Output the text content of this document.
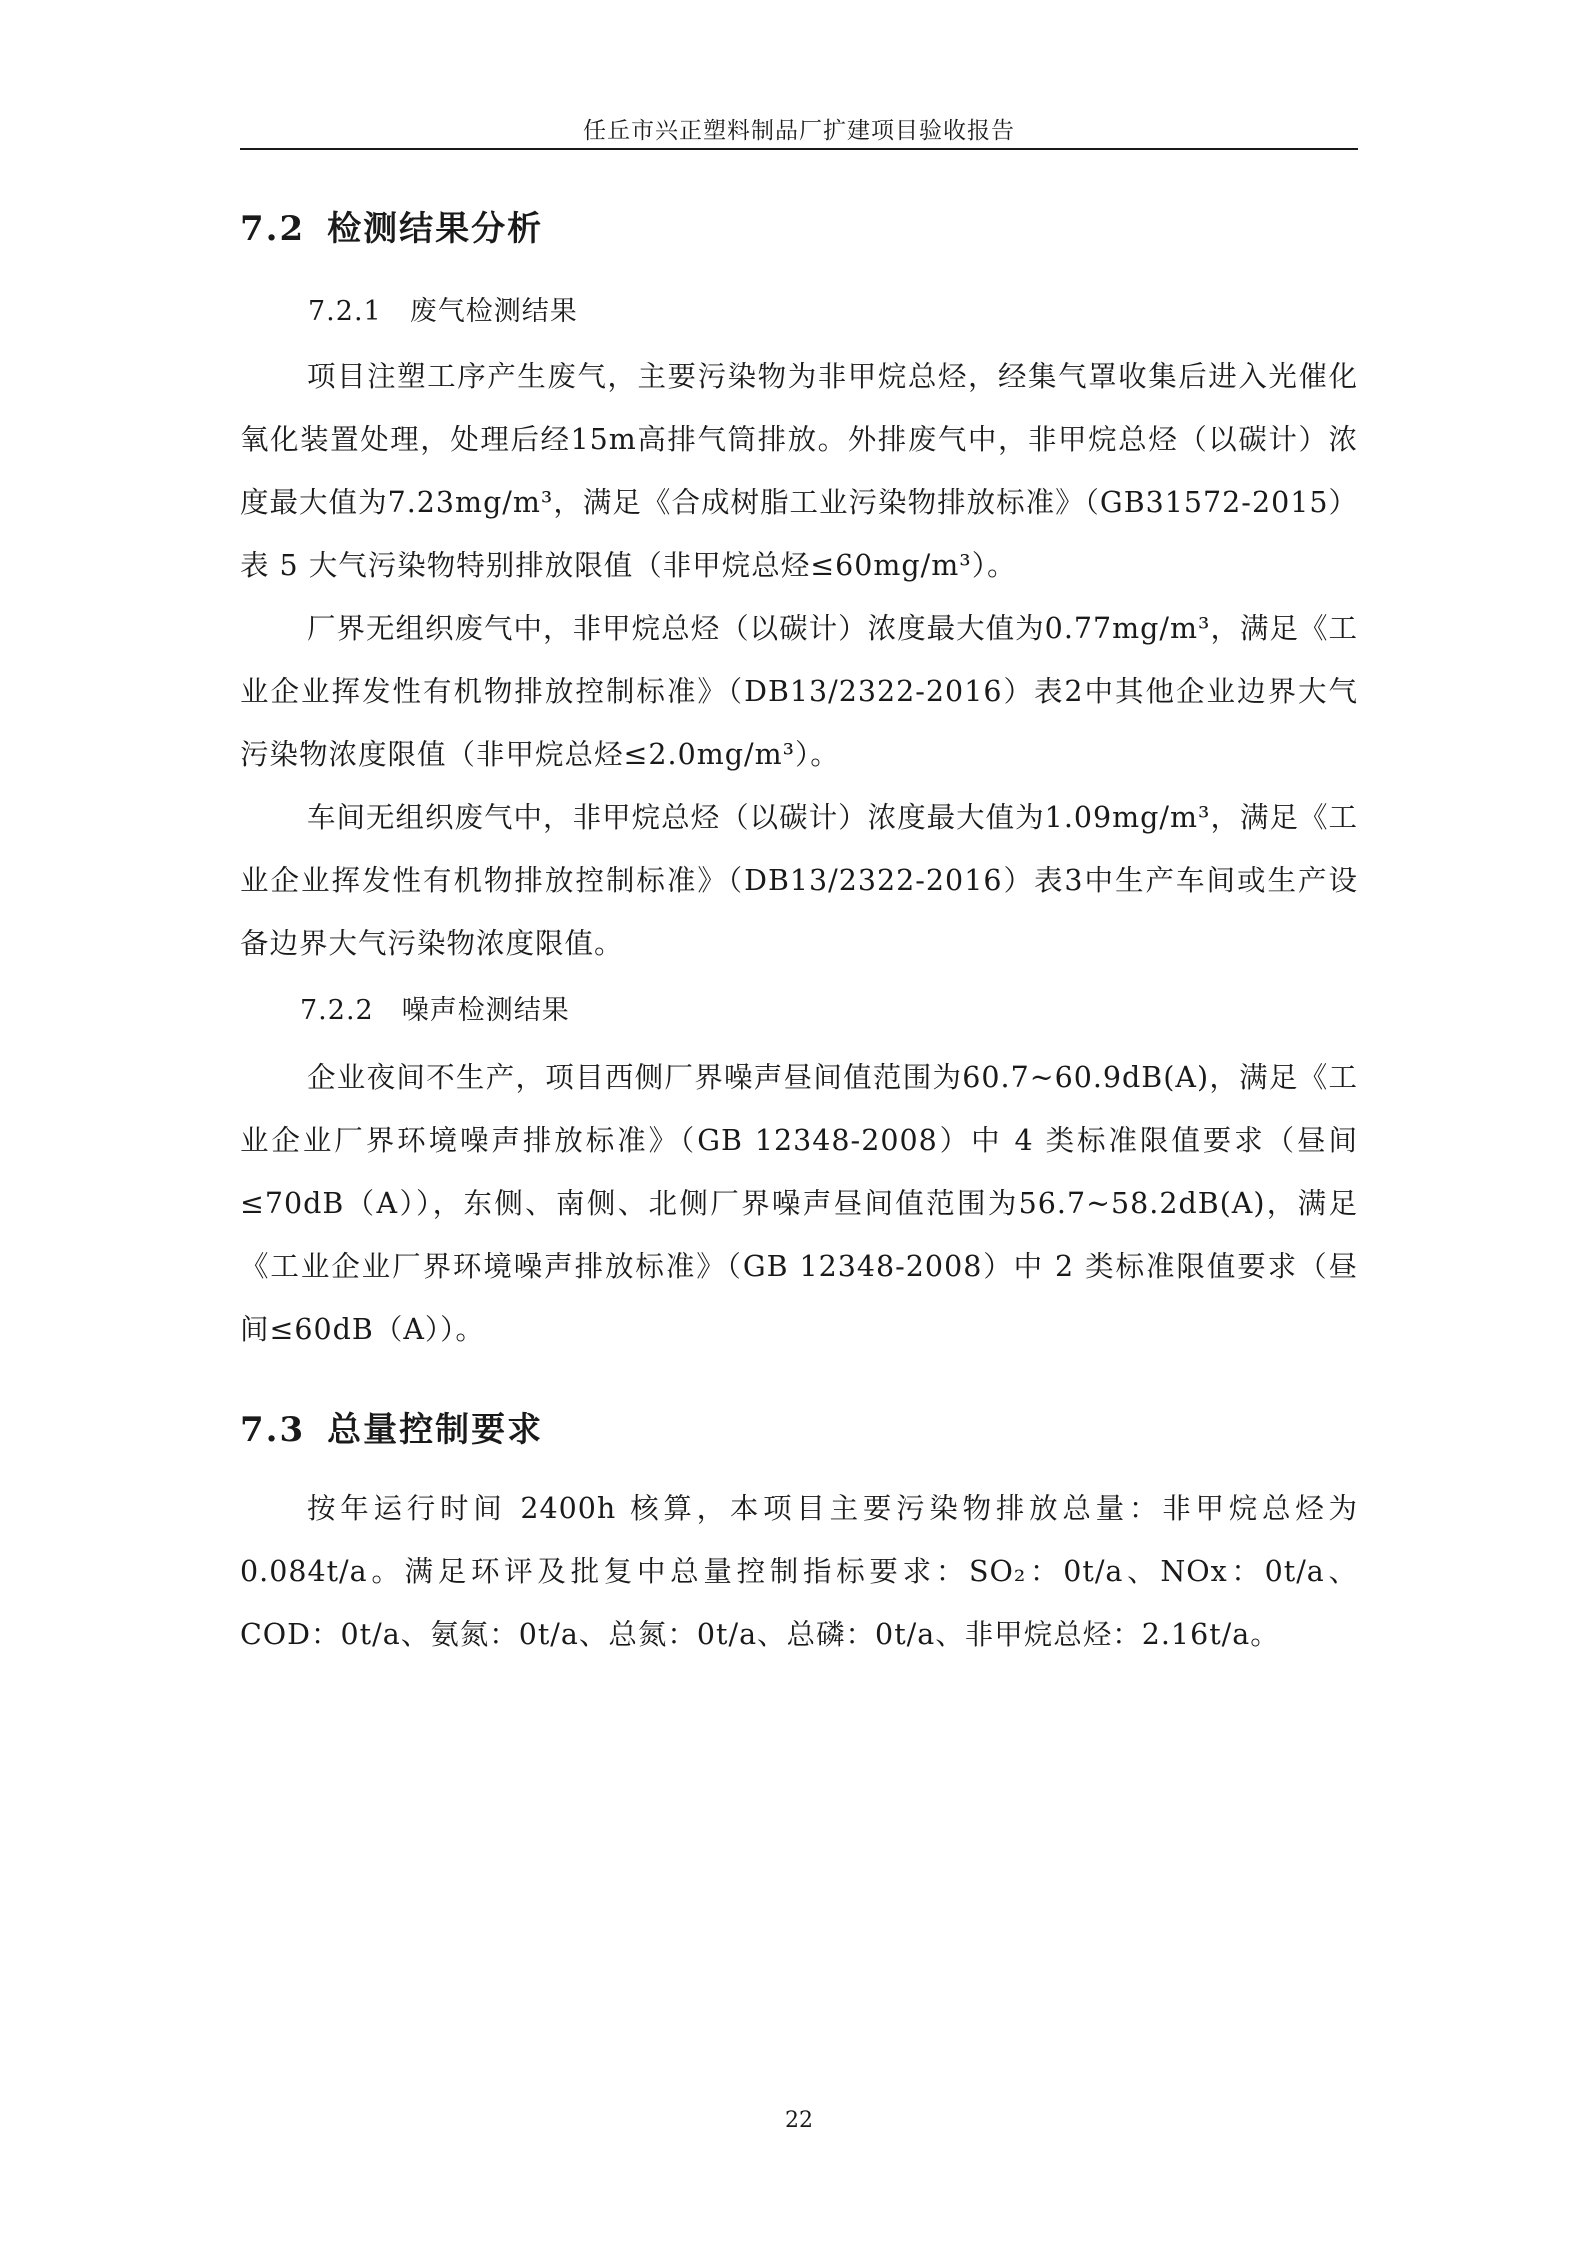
任丘市兴正塑料制品厂扩建项目验收报告
7.2 检测结果分析
7.2.1 废气检测结果

项目注塑工序产生废气，主要污染物为非甲烷总烃，经集气罩收集后进入光催化氧化装置处理，处理后经15m高排气筒排放。外排废气中，非甲烷总烃（以碳计）浓度最大值为7.23mg/m³，满足《合成树脂工业污染物排放标准》（GB31572-2015）表 5 大气污染物特别排放限值（非甲烷总烃≤60mg/m³）。

厂界无组织废气中，非甲烷总烃（以碳计）浓度最大值为0.77mg/m³，满足《工业企业挥发性有机物排放控制标准》（DB13/2322-2016）表2中其他企业边界大气污染物浓度限值（非甲烷总烃≤2.0mg/m³）。

车间无组织废气中，非甲烷总烃（以碳计）浓度最大值为1.09mg/m³，满足《工业企业挥发性有机物排放控制标准》（DB13/2322-2016）表3中生产车间或生产设备边界大气污染物浓度限值。

7.2.2 噪声检测结果

企业夜间不生产，项目西侧厂界噪声昼间值范围为60.7~60.9dB(A)，满足《工业企业厂界环境噪声排放标准》（GB 12348-2008）中 4 类标准限值要求（昼间≤70dB（A）），东侧、南侧、北侧厂界噪声昼间值范围为56.7~58.2dB(A)，满足《工业企业厂界环境噪声排放标准》（GB 12348-2008）中 2 类标准限值要求（昼间≤60dB（A））。

7.3 总量控制要求

按年运行时间 2400h 核算，本项目主要污染物排放总量：非甲烷总烃为0.084t/a。满足环评及批复中总量控制指标要求：SO₂：0t/a、NOx：0t/a、COD：0t/a、氨氮：0t/a、总氮：0t/a、总磷：0t/a、非甲烷总烃：2.16t/a。

22
